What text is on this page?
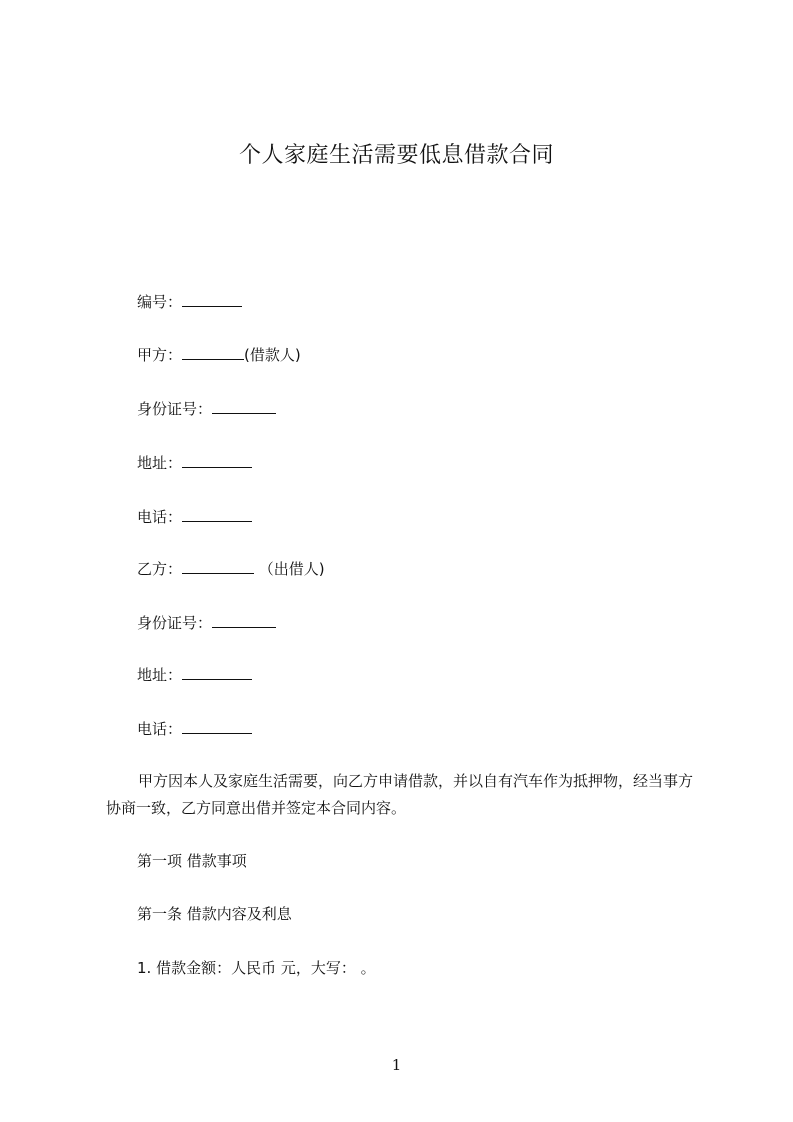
个人家庭生活需要低息借款合同
编号：
甲方：	(借款人)
身份证号：
地址：
电话：
乙方：	（出借人)
身份证号：
地址：
电话：
甲方因本人及家庭生活需要，向乙方申请借款，并以自有汽车作为抵押物，经当事方协商一致，乙方同意出借并签定本合同内容。
第一项 借款事项
第一条 借款内容及利息
1. 借款金额：人民币 元，大写： 。
1
